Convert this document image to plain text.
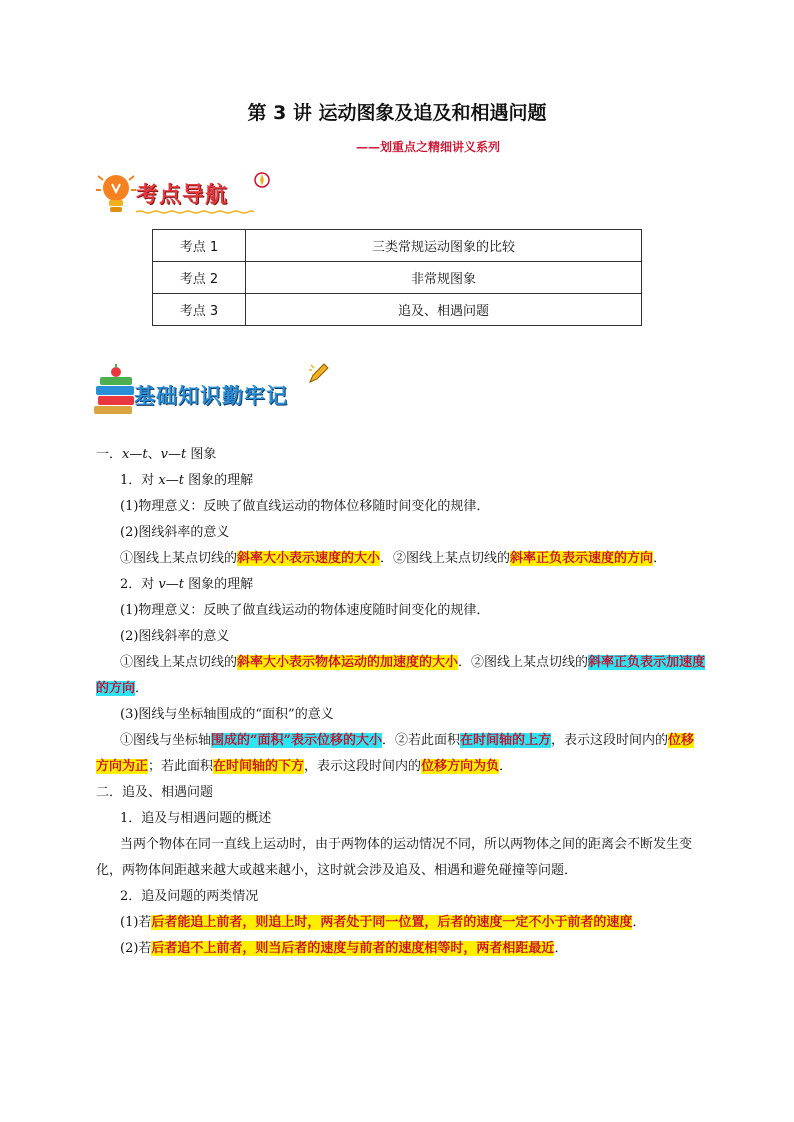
第 3 讲 运动图象及追及和相遇问题
——划重点之精细讲义系列
考点导航
考点 1	三类常规运动图象的比较
考点 2	非常规图象
考点 3	追及、相遇问题
基础知识勤牢记

一．x—t、v—t 图象

1．对 x—t 图象的理解

(1)物理意义：反映了做直线运动的物体位移随时间变化的规律．

(2)图线斜率的意义

①图线上某点切线的斜率大小表示速度的大小．②图线上某点切线的斜率正负表示速度的方向．

2．对 v—t 图象的理解

(1)物理意义：反映了做直线运动的物体速度随时间变化的规律．

(2)图线斜率的意义

①图线上某点切线的斜率大小表示物体运动的加速度的大小．②图线上某点切线的斜率正负表示加速度的方向．

(3)图线与坐标轴围成的“面积”的意义

①图线与坐标轴围成的“面积”表示位移的大小．②若此面积在时间轴的上方，表示这段时间内的位移方向为正；若此面积在时间轴的下方，表示这段时间内的位移方向为负．

二．追及、相遇问题

1．追及与相遇问题的概述

当两个物体在同一直线上运动时，由于两物体的运动情况不同，所以两物体之间的距离会不断发生变化，两物体间距越来越大或越来越小，这时就会涉及追及、相遇和避免碰撞等问题．

2．追及问题的两类情况

(1)若后者能追上前者，则追上时，两者处于同一位置，后者的速度一定不小于前者的速度．

(2)若后者追不上前者，则当后者的速度与前者的速度相等时，两者相距最近．
